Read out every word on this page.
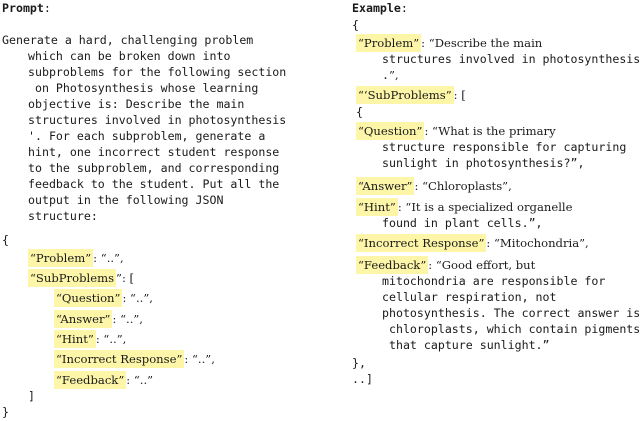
Prompt:
Generate a hard, challenging problem
which can be broken down into
subproblems for the following section
on Photosynthesis whose learning
objective is: Describe the main
structures involved in photosynthesis
'. For each subproblem, generate a
hint, one incorrect student response
to the subproblem, and corresponding
feedback to the student. Put all the
output in the following JSON
structure:
{
“Problem” : “..”,
“SubProblems ”: [
“Question” : “..”,
“Answer” : “..”,
“Hint” : “..”,
“Incorrect Response” : “..”,
“Feedback” : “..”
]
}
Example:
{
“Problem” : “Describe the main
structures involved in photosynthesis
.”,
“‘SubProblems” : [
{
“Question” : “What is the primary
structure responsible for capturing
sunlight in photosynthesis?”,
“Answer” : “Chloroplasts”,
“Hint” : “It is a specialized organelle
found in plant cells.”,
“Incorrect Response” : “Mitochondria”,
“Feedback” : “Good effort, but
mitochondria are responsible for
cellular respiration, not
photosynthesis. The correct answer is
chloroplasts, which contain pigments
that capture sunlight.”
},
..]
